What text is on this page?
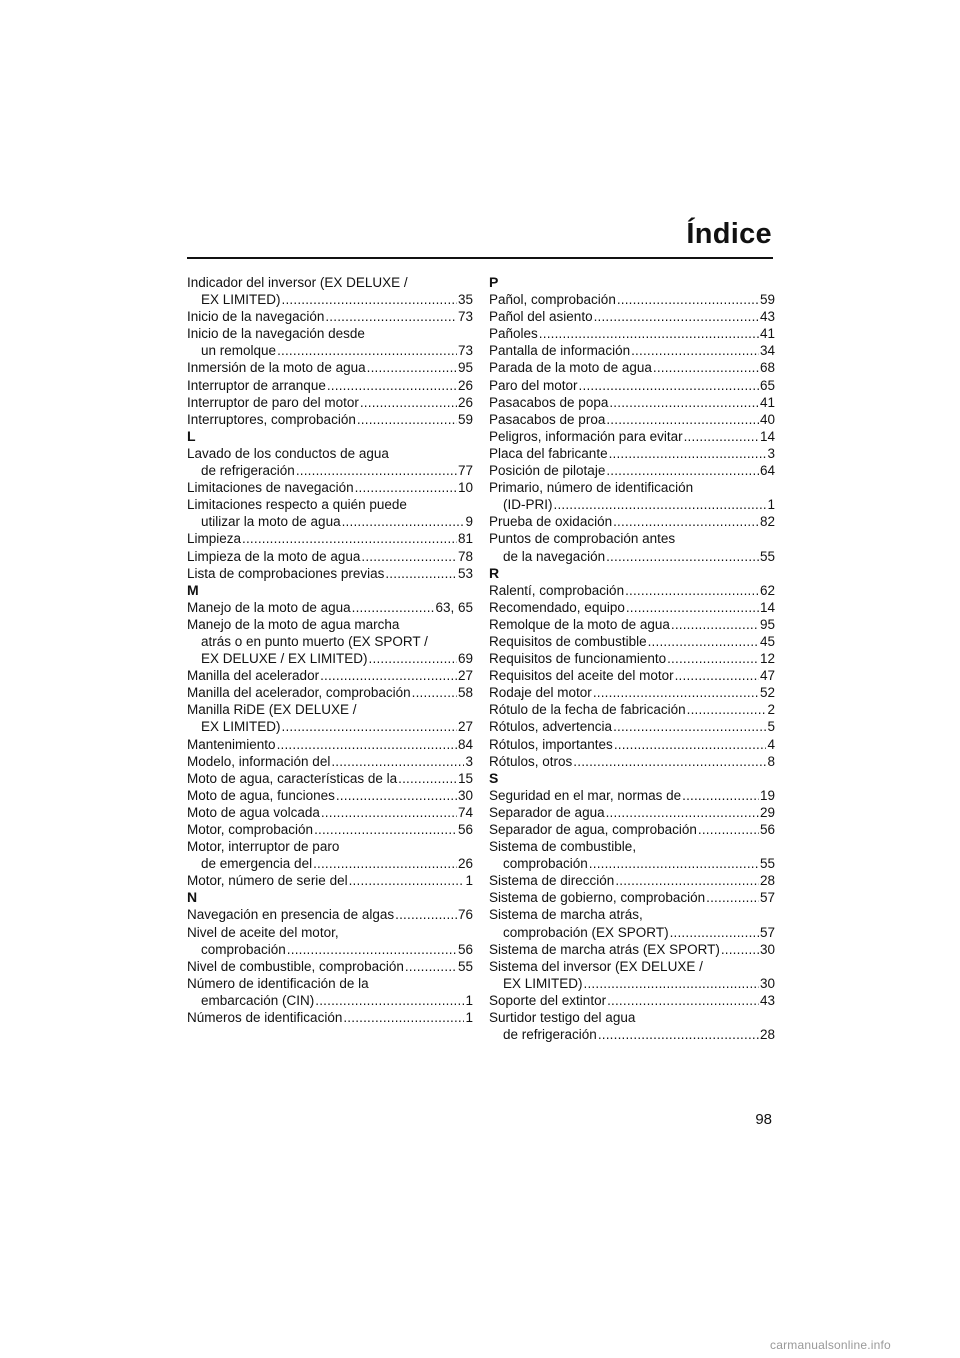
Índice
Indicador del inversor (EX DELUXE /
EX LIMITED) .....	35
Inicio de la navegación .....	73
Inicio de la navegación desde
un remolque .....	73
Inmersión de la moto de agua .....	95
Interruptor de arranque .....	26
Interruptor de paro del motor .....	26
Interruptores, comprobación .....	59
L
Lavado de los conductos de agua
de refrigeración .....	77
Limitaciones de navegación .....	10
Limitaciones respecto a quién puede
utilizar la moto de agua .....	9
Limpieza .....	81
Limpieza de la moto de agua .....	78
Lista de comprobaciones previas .....	53
M
Manejo de la moto de agua .....	63, 65
Manejo de la moto de agua marcha
atrás o en punto muerto (EX SPORT /
EX DELUXE / EX LIMITED) .....	69
Manilla del acelerador .....	27
Manilla del acelerador, comprobación .....	58
Manilla RiDE (EX DELUXE /
EX LIMITED) .....	27
Mantenimiento .....	84
Modelo, información del .....	3
Moto de agua, características de la .....	15
Moto de agua, funciones .....	30
Moto de agua volcada .....	74
Motor, comprobación .....	56
Motor, interruptor de paro
de emergencia del .....	26
Motor, número de serie del .....	1
N
Navegación en presencia de algas .....	76
Nivel de aceite del motor,
comprobación .....	56
Nivel de combustible, comprobación .....	55
Número de identificación de la
embarcación (CIN) .....	1
Números de identificación .....	1
P
Pañol, comprobación .....	59
Pañol del asiento .....	43
Pañoles .....	41
Pantalla de información .....	34
Parada de la moto de agua .....	68
Paro del motor .....	65
Pasacabos de popa .....	41
Pasacabos de proa .....	40
Peligros, información para evitar .....	14
Placa del fabricante .....	3
Posición de pilotaje .....	64
Primario, número de identificación
(ID-PRI) .....	1
Prueba de oxidación .....	82
Puntos de comprobación antes
de la navegación .....	55
R
Ralentí, comprobación .....	62
Recomendado, equipo .....	14
Remolque de la moto de agua .....	95
Requisitos de combustible .....	45
Requisitos de funcionamiento .....	12
Requisitos del aceite del motor .....	47
Rodaje del motor .....	52
Rótulo de la fecha de fabricación .....	2
Rótulos, advertencia .....	5
Rótulos, importantes .....	4
Rótulos, otros .....	8
S
Seguridad en el mar, normas de .....	19
Separador de agua .....	29
Separador de agua, comprobación .....	56
Sistema de combustible,
comprobación .....	55
Sistema de dirección .....	28
Sistema de gobierno, comprobación .....	57
Sistema de marcha atrás,
comprobación (EX SPORT) .....	57
Sistema de marcha atrás (EX SPORT) .....	30
Sistema del inversor (EX DELUXE /
EX LIMITED) .....	30
Soporte del extintor .....	43
Surtidor testigo del agua
de refrigeración .....	28
98
carmanualsonline.info
